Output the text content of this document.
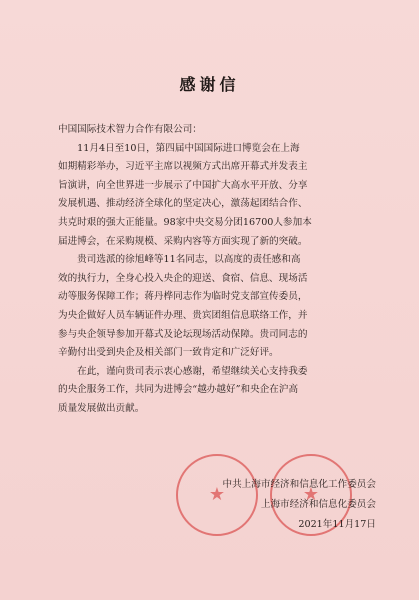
感谢信
中国国际技术智力合作有限公司：
　　11月4日至10日，第四届中国国际进口博览会在上海
如期精彩举办，习近平主席以视频方式出席开幕式并发表主
旨演讲，向全世界进一步展示了中国扩大高水平开放、分享
发展机遇、推动经济全球化的坚定决心，激荡起团结合作、
共克时艰的强大正能量。98家中央交易分团16700人参加本
届进博会，在采购规模、采购内容等方面实现了新的突破。
　　贵司选派的徐旭峰等11名同志，以高度的责任感和高
效的执行力，全身心投入央企的迎送、食宿、信息、现场活
动等服务保障工作；蒋丹桦同志作为临时党支部宣传委员，
为央企做好人员车辆证件办理、贵宾团组信息联络工作，并
参与央企领导参加开幕式及论坛现场活动保障。贵司同志的
辛勤付出受到央企及相关部门一致肯定和广泛好评。
　　在此，谨向贵司表示衷心感谢，希望继续关心支持我委
的央企服务工作，共同为进博会“越办越好”和央企在沪高
质量发展做出贡献。
★	★
中共上海市经济和信息化工作委员会
上海市经济和信息化委员会
2021年11月17日
